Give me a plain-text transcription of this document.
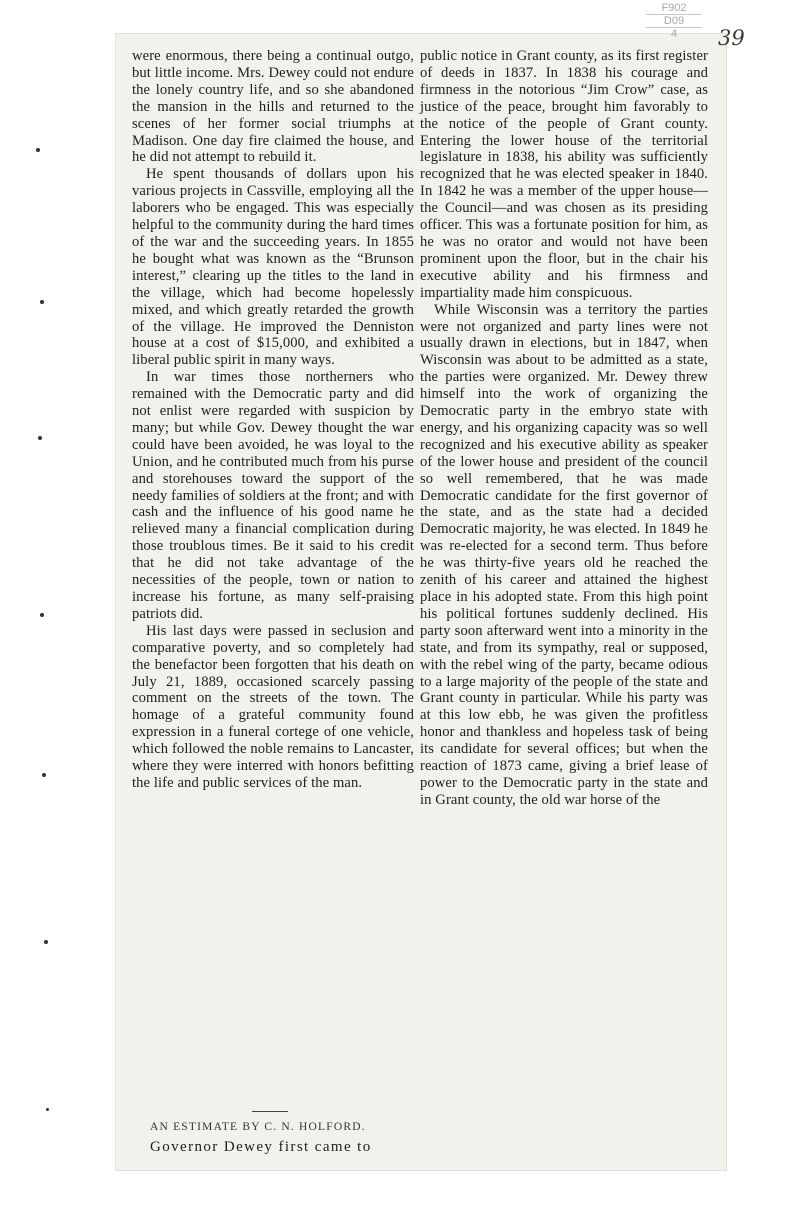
F902
D09
4	39

were enormous, there being a continual outgo, but little income. Mrs. Dewey could not endure the lonely country life, and so she abandoned the mansion in the hills and returned to the scenes of her former social triumphs at Madison. One day fire claimed the house, and he did not attempt to rebuild it.

He spent thousands of dollars upon his various projects in Cassville, employing all the laborers who be engaged. This was especially helpful to the community during the hard times of the war and the succeeding years. In 1855 he bought what was known as the “Brunson interest,” clearing up the titles to the land in the village, which had become hopelessly mixed, and which greatly retarded the growth of the village. He improved the Denniston house at a cost of $15,000, and exhibited a liberal public spirit in many ways.

In war times those northerners who remained with the Democratic party and did not enlist were regarded with suspicion by many; but while Gov. Dewey thought the war could have been avoided, he was loyal to the Union, and he contributed much from his purse and storehouses toward the support of the needy families of soldiers at the front; and with cash and the influence of his good name he relieved many a financial complication during those troublous times. Be it said to his credit that he did not take advantage of the necessities of the people, town or nation to increase his fortune, as many self-praising patriots did.

His last days were passed in seclusion and comparative poverty, and so completely had the benefactor been forgotten that his death on July 21, 1889, occasioned scarcely passing comment on the streets of the town. The homage of a grateful community found expression in a funeral cortege of one vehicle, which followed the noble remains to Lancaster, where they were interred with honors befitting the life and public services of the man.

AN ESTIMATE BY C. N. HOLFORD.
Governor Dewey first came to

public notice in Grant county, as its first register of deeds in 1837. In 1838 his courage and firmness in the notorious “Jim Crow” case, as justice of the peace, brought him favorably to the notice of the people of Grant county. Entering the lower house of the territorial legislature in 1838, his ability was sufficiently recognized that he was elected speaker in 1840. In 1842 he was a member of the upper house—the Council—and was chosen as its presiding officer. This was a fortunate position for him, as he was no orator and would not have been prominent upon the floor, but in the chair his executive ability and his firmness and impartiality made him conspicuous.

While Wisconsin was a territory the parties were not organized and party lines were not usually drawn in elections, but in 1847, when Wisconsin was about to be admitted as a state, the parties were organized. Mr. Dewey threw himself into the work of organizing the Democratic party in the embryo state with energy, and his organizing capacity was so well recognized and his executive ability as speaker of the lower house and president of the council so well remembered, that he was made Democratic candidate for the first governor of the state, and as the state had a decided Democratic majority, he was elected. In 1849 he was re-elected for a second term. Thus before he was thirty-five years old he reached the zenith of his career and attained the highest place in his adopted state. From this high point his political fortunes suddenly declined. His party soon afterward went into a minority in the state, and from its sympathy, real or supposed, with the rebel wing of the party, became odious to a large majority of the people of the state and Grant county in particular. While his party was at this low ebb, he was given the profitless honor and thankless and hopeless task of being its candidate for several offices; but when the reaction of 1873 came, giving a brief lease of power to the Democratic party in the state and in Grant county, the old war horse of the
